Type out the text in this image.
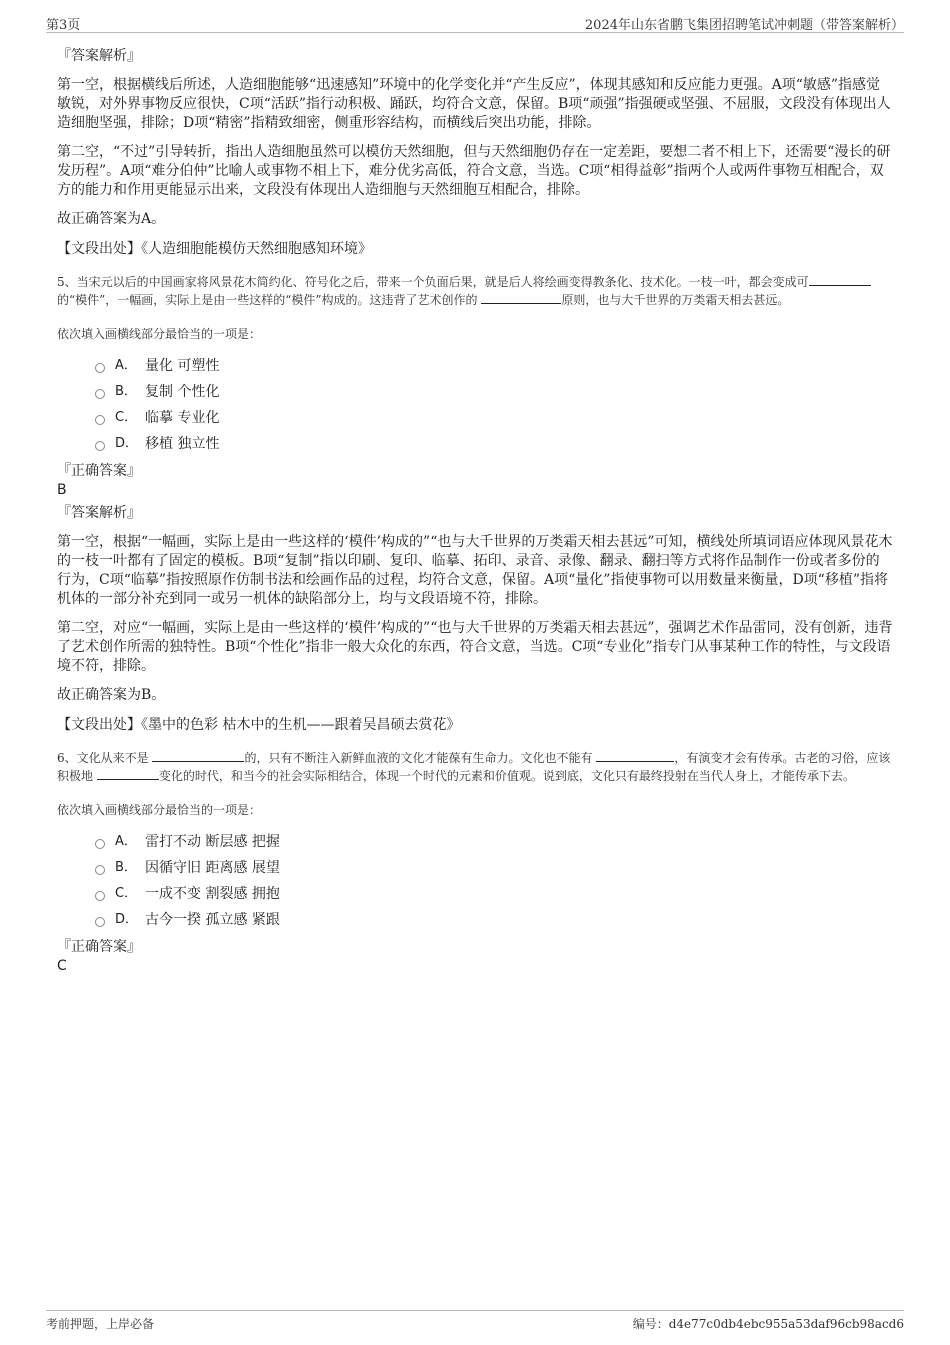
第3页	2024年山东省鹏飞集团招聘笔试冲刺题（带答案解析）

『答案解析』

第一空，根据横线后所述，人造细胞能够“迅速感知”环境中的化学变化并“产生反应”，体现其感知和反应能力更强。A项“敏感”指感觉敏锐，对外界事物反应很快，C项“活跃”指行动积极、踊跃，均符合文意，保留。B项“顽强”指强硬或坚强、不屈服，文段没有体现出人造细胞坚强，排除；D项“精密”指精致细密，侧重形容结构，而横线后突出功能，排除。

第二空，“不过”引导转折，指出人造细胞虽然可以模仿天然细胞，但与天然细胞仍存在一定差距，要想二者不相上下，还需要“漫长的研发历程”。A项“难分伯仲”比喻人或事物不相上下，难分优劣高低，符合文意，当选。C项“相得益彰”指两个人或两件事物互相配合，双方的能力和作用更能显示出来，文段没有体现出人造细胞与天然细胞互相配合，排除。

故正确答案为A。

【文段出处】《人造细胞能模仿天然细胞感知环境》

5、当宋元以后的中国画家将风景花木简约化、符号化之后，带来一个负面后果，就是后人将绘画变得教条化、技术化。一枝一叶，都会变成可的“模件”，一幅画，实际上是由一些这样的“模件”构成的。这违背了艺术创作的	原则，也与大千世界的万类霜天相去甚远。

依次填入画横线部分最恰当的一项是：

A． 量化 可塑性
B． 复制 个性化
C． 临摹 专业化
D． 移植 独立性

『正确答案』

B

『答案解析』

第一空，根据“一幅画，实际上是由一些这样的‘模件’构成的”“也与大千世界的万类霜天相去甚远”可知，横线处所填词语应体现风景花木的一枝一叶都有了固定的模板。B项“复制”指以印刷、复印、临摹、拓印、录音、录像、翻录、翻扫等方式将作品制作一份或者多份的行为，C项“临摹”指按照原作仿制书法和绘画作品的过程，均符合文意，保留。A项“量化”指使事物可以用数量来衡量，D项“移植”指将机体的一部分补充到同一或另一机体的缺陷部分上，均与文段语境不符，排除。

第二空，对应“一幅画，实际上是由一些这样的‘模件’构成的”“也与大千世界的万类霜天相去甚远”，强调艺术作品雷同，没有创新，违背了艺术创作所需的独特性。B项“个性化”指非一般大众化的东西，符合文意，当选。C项“专业化”指专门从事某种工作的特性，与文段语境不符，排除。

故正确答案为B。

【文段出处】《墨中的色彩 枯木中的生机——跟着吴昌硕去赏花》

6、文化从来不是	的，只有不断注入新鲜血液的文化才能葆有生命力。文化也不能有	，有演变才会有传承。古老的习俗，应该积极地	变化的时代，和当今的社会实际相结合，体现一个时代的元素和价值观。说到底，文化只有最终投射在当代人身上，才能传承下去。

依次填入画横线部分最恰当的一项是：

A． 雷打不动 断层感 把握
B． 因循守旧 距离感 展望
C． 一成不变 割裂感 拥抱
D． 古今一揆 孤立感 紧跟

『正确答案』

C

考前押题，上岸必备	编号：d4e77c0db4ebc955a53daf96cb98acd6
